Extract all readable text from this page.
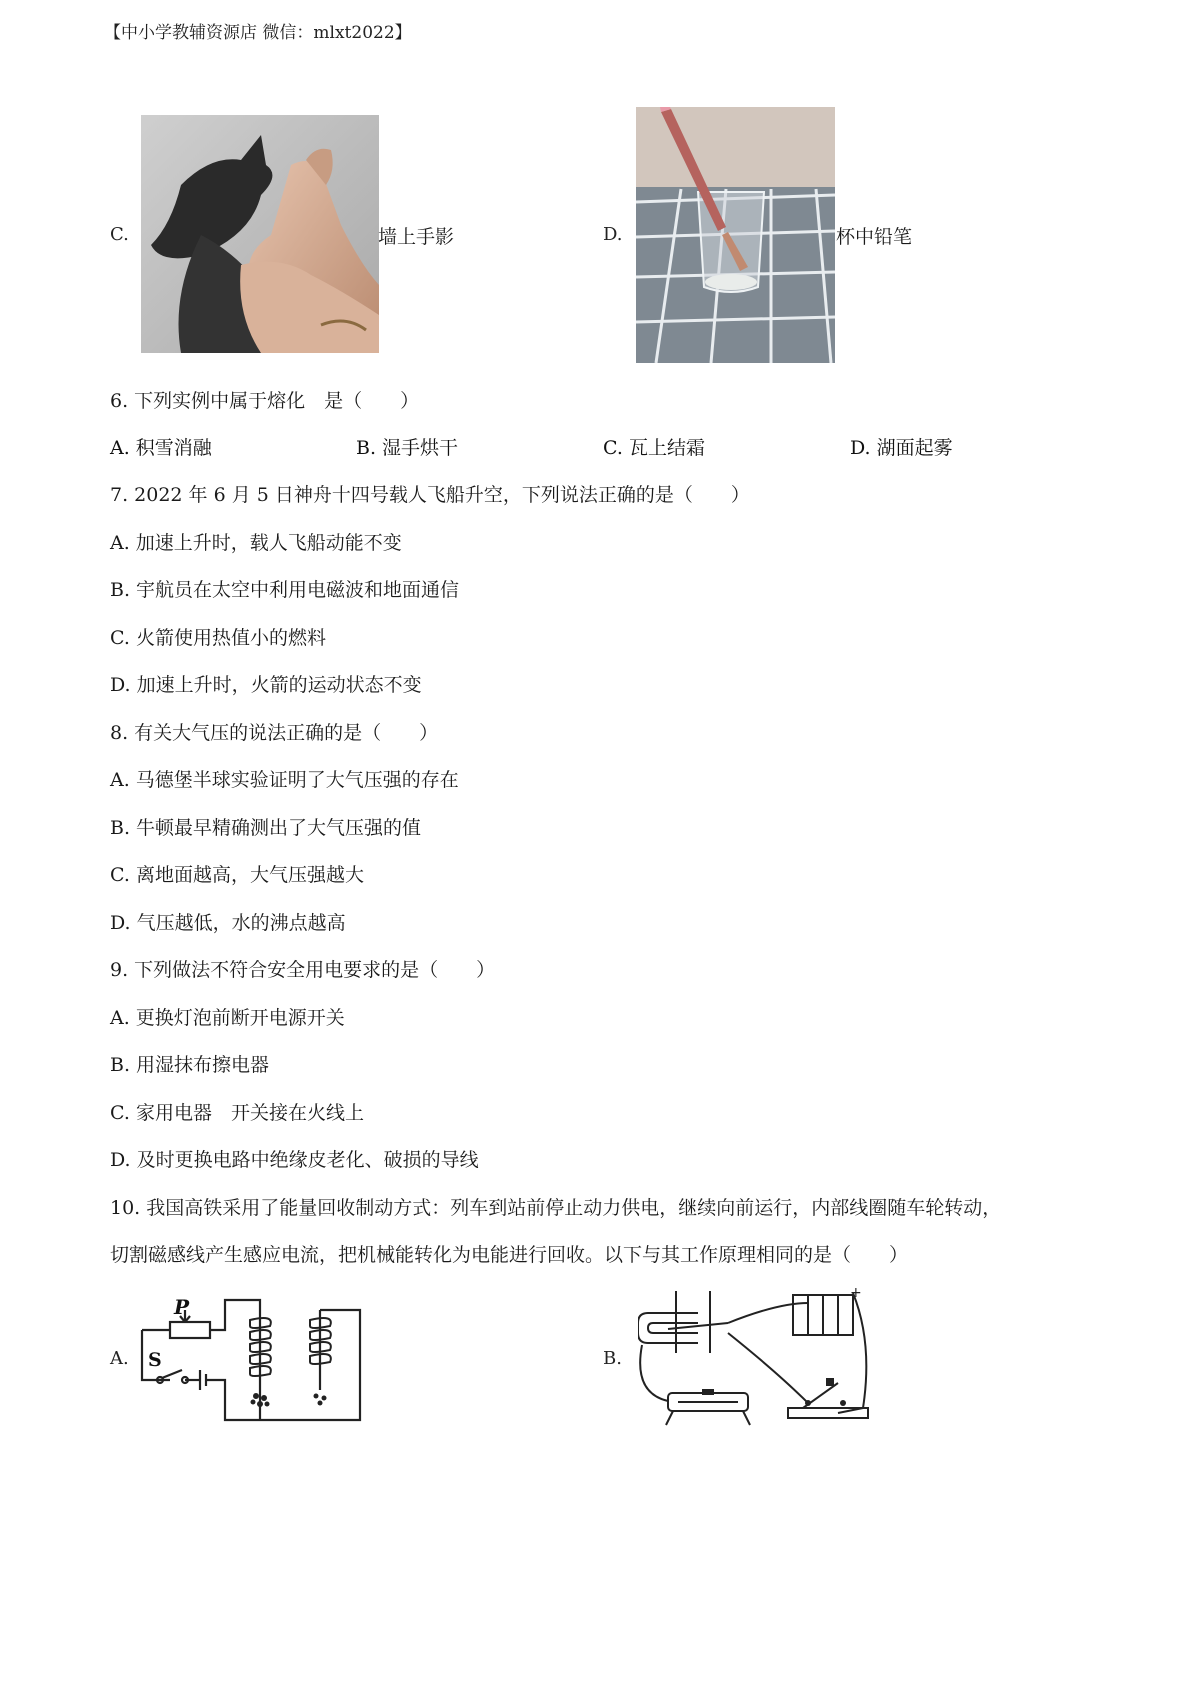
【中小学教辅资源店 微信：mlxt2022】
C.	墙上手影	D.	杯中铅笔
6. 下列实例中属于熔化　是（　　）
A. 积雪消融	B. 湿手烘干	C. 瓦上结霜	D. 湖面起雾
7. 2022 年 6 月 5 日神舟十四号载人飞船升空，下列说法正确的是（　　）
A. 加速上升时，载人飞船动能不变
B. 宇航员在太空中利用电磁波和地面通信
C. 火箭使用热值小的燃料
D. 加速上升时，火箭的运动状态不变
8. 有关大气压的说法正确的是（　　）
A. 马德堡半球实验证明了大气压强的存在
B. 牛顿最早精确测出了大气压强的值
C. 离地面越高，大气压强越大
D. 气压越低，水的沸点越高
9. 下列做法不符合安全用电要求的是（　　）
A. 更换灯泡前断开电源开关
B. 用湿抹布擦电器
C. 家用电器　开关接在火线上
D. 及时更换电路中绝缘皮老化、破损的导线
10. 我国高铁采用了能量回收制动方式：列车到站前停止动力供电，继续向前运行，内部线圈随车轮转动，
切割磁感线产生感应电流，把机械能转化为电能进行回收。以下与其工作原理相同的是（　　）
A.
P
S	B.
+
